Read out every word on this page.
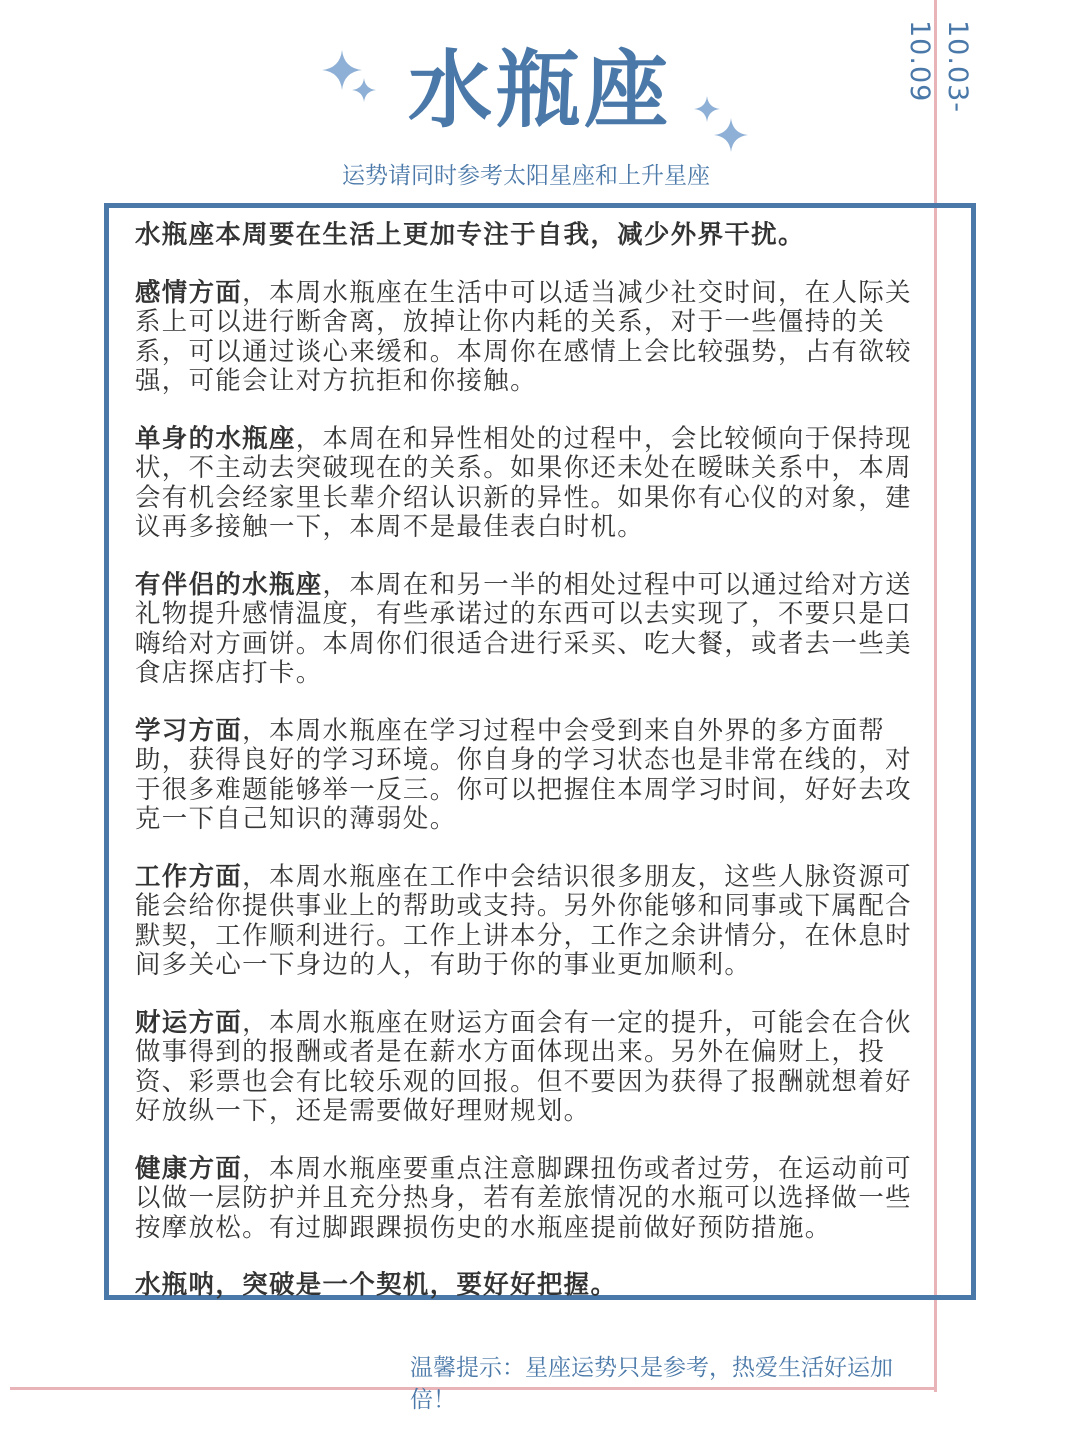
10.03-10.09
水瓶座
运势请同时参考太阳星座和上升星座

水瓶座本周要在生活上更加专注于自我，减少外界干扰。

感情方面，本周水瓶座在生活中可以适当减少社交时间，在人际关系上可以进行断舍离，放掉让你内耗的关系，对于一些僵持的关系，可以通过谈心来缓和。本周你在感情上会比较强势，占有欲较强，可能会让对方抗拒和你接触。

单身的水瓶座，本周在和异性相处的过程中，会比较倾向于保持现状，不主动去突破现在的关系。如果你还未处在暧昧关系中，本周会有机会经家里长辈介绍认识新的异性。如果你有心仪的对象，建议再多接触一下，本周不是最佳表白时机。

有伴侣的水瓶座，本周在和另一半的相处过程中可以通过给对方送礼物提升感情温度，有些承诺过的东西可以去实现了，不要只是口嗨给对方画饼。本周你们很适合进行采买、吃大餐，或者去一些美食店探店打卡。

学习方面，本周水瓶座在学习过程中会受到来自外界的多方面帮助，获得良好的学习环境。你自身的学习状态也是非常在线的，对于很多难题能够举一反三。你可以把握住本周学习时间，好好去攻克一下自己知识的薄弱处。

工作方面，本周水瓶座在工作中会结识很多朋友，这些人脉资源可能会给你提供事业上的帮助或支持。另外你能够和同事或下属配合默契，工作顺利进行。工作上讲本分，工作之余讲情分，在休息时间多关心一下身边的人，有助于你的事业更加顺利。

财运方面，本周水瓶座在财运方面会有一定的提升，可能会在合伙做事得到的报酬或者是在薪水方面体现出来。另外在偏财上，投资、彩票也会有比较乐观的回报。但不要因为获得了报酬就想着好好放纵一下，还是需要做好理财规划。

健康方面，本周水瓶座要重点注意脚踝扭伤或者过劳，在运动前可以做一层防护并且充分热身，若有差旅情况的水瓶可以选择做一些按摩放松。有过脚跟踝损伤史的水瓶座提前做好预防措施。

水瓶呐，突破是一个契机，要好好把握。

温馨提示：星座运势只是参考，热爱生活好运加倍！
